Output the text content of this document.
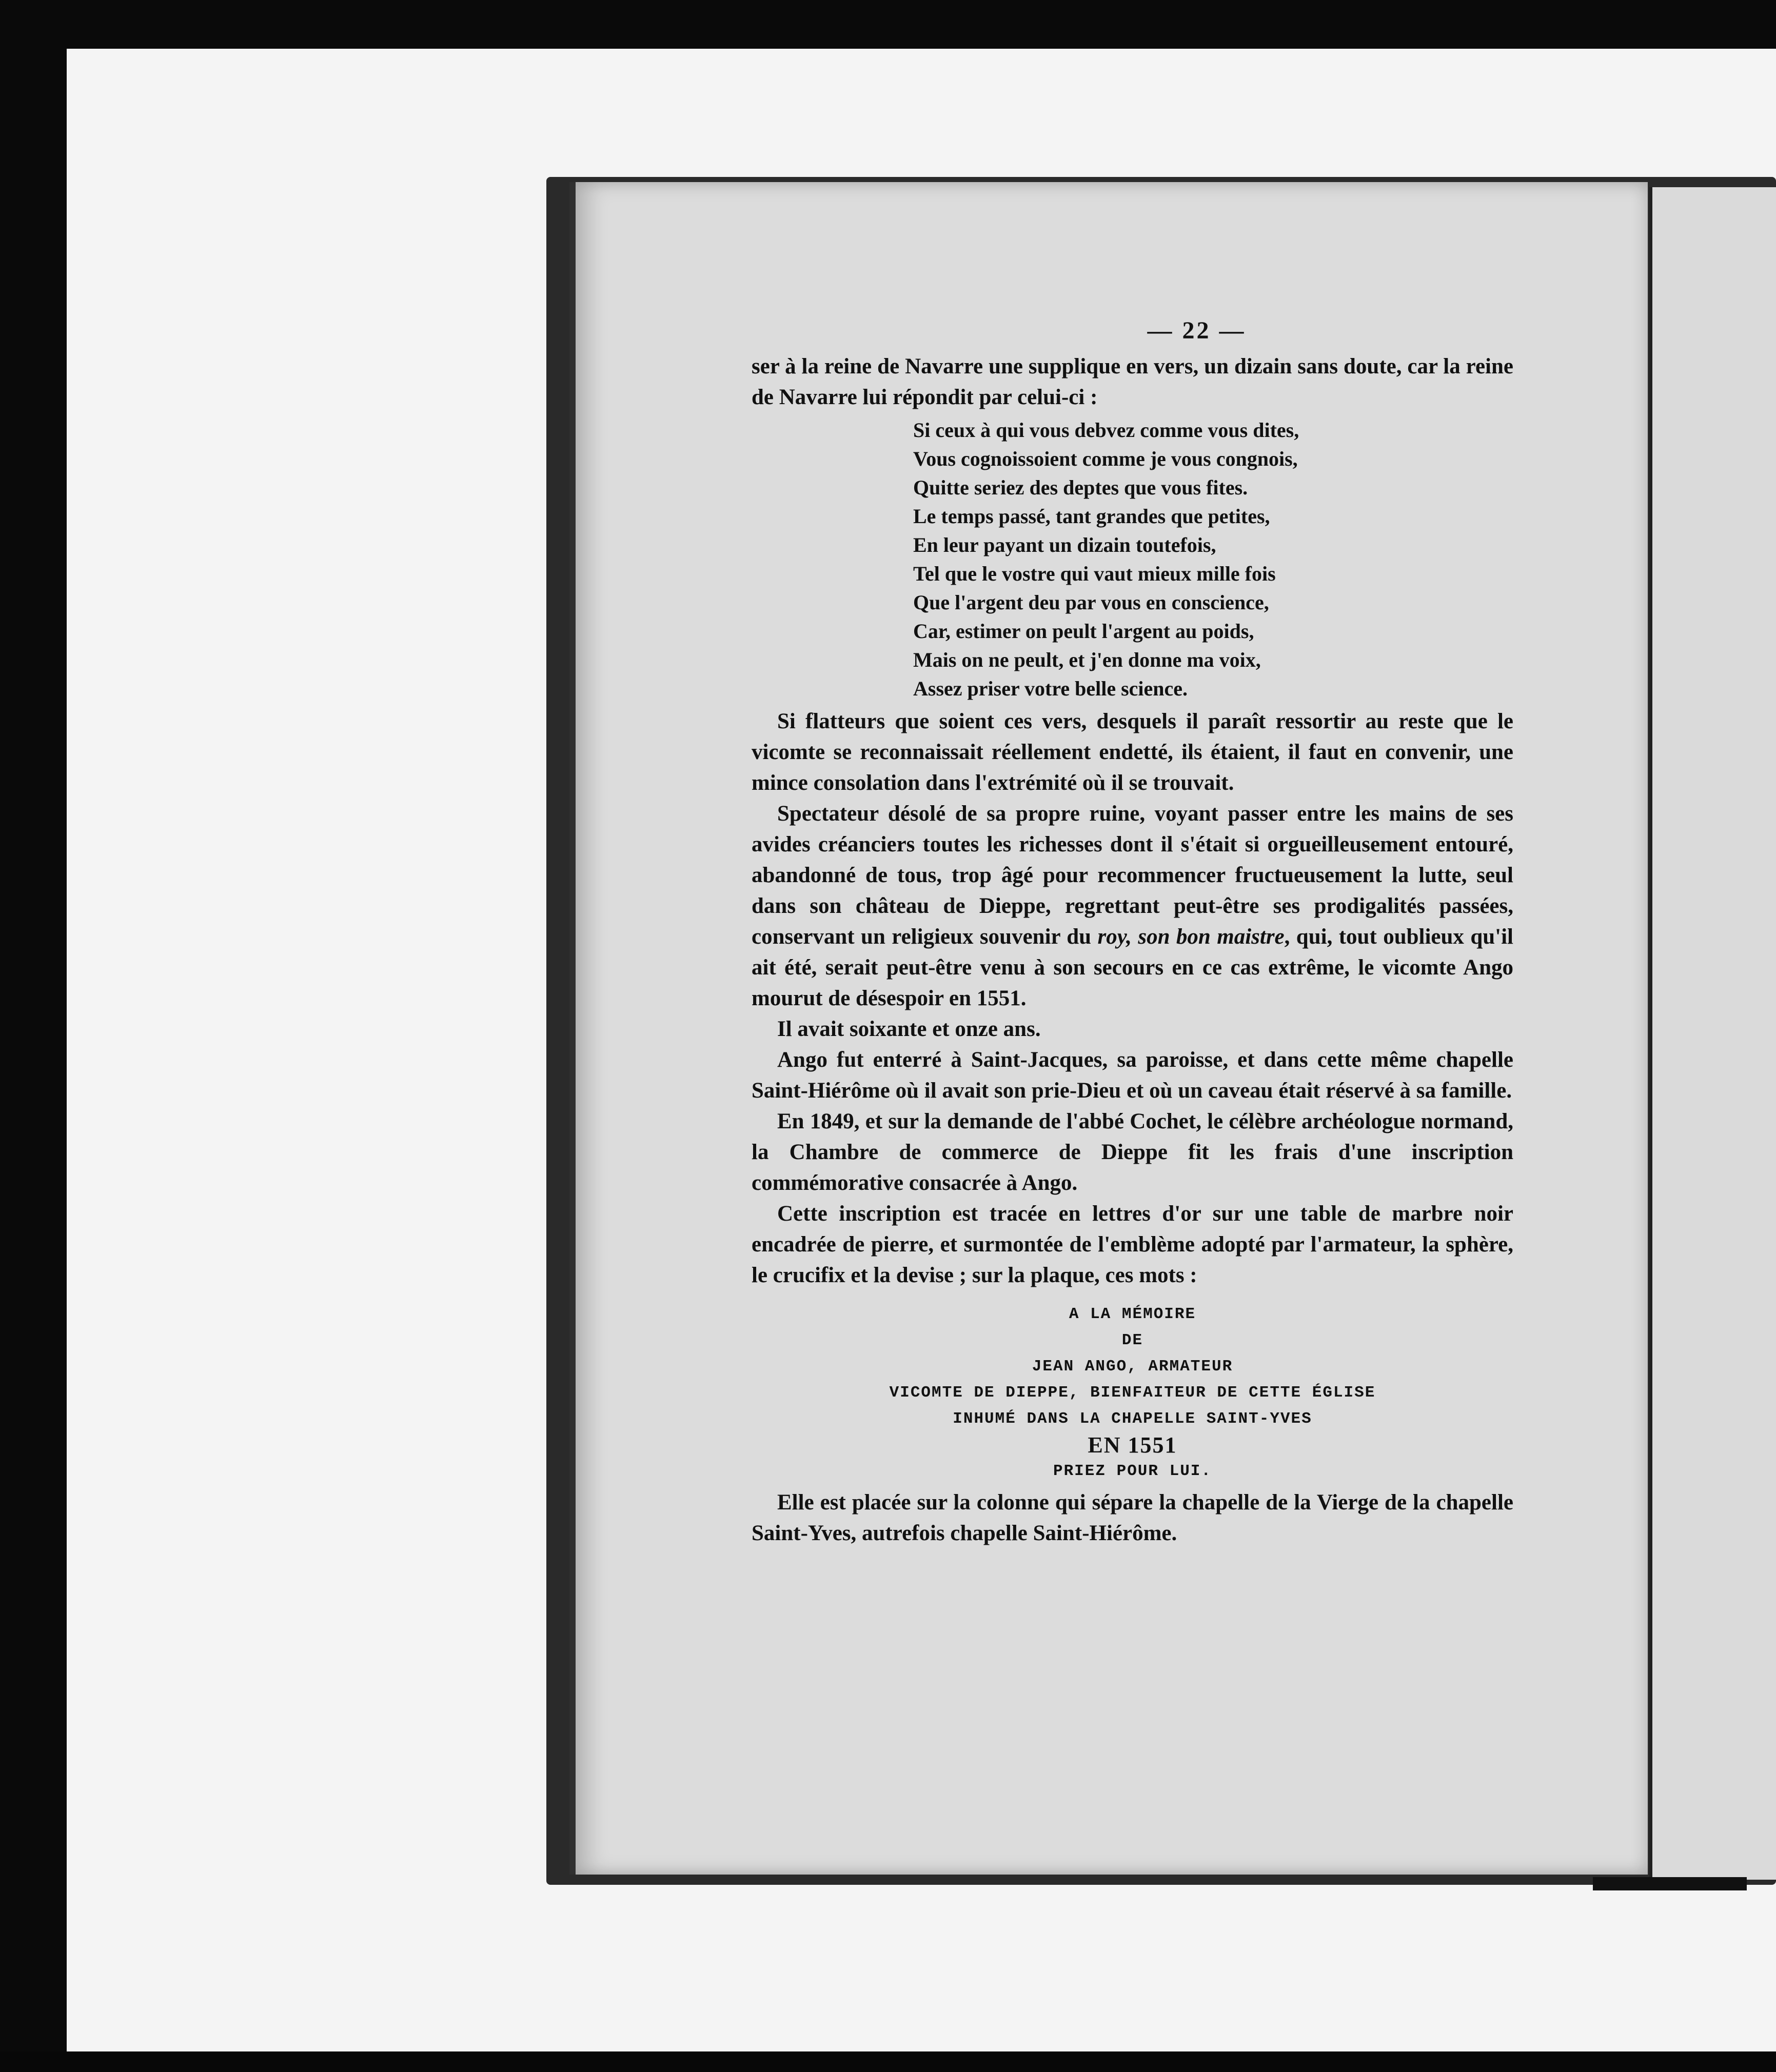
— 22 —

ser à la reine de Navarre une supplique en vers, un dizain sans doute, car la reine de Navarre lui répondit par celui-ci :

Si ceux à qui vous debvez comme vous dites,
Vous cognoissoient comme je vous congnois,
Quitte seriez des deptes que vous fites.
Le temps passé, tant grandes que petites,
En leur payant un dizain toutefois,
Tel que le vostre qui vaut mieux mille fois
Que l'argent deu par vous en conscience,
Car, estimer on peult l'argent au poids,
Mais on ne peult, et j'en donne ma voix,
Assez priser votre belle science.

Si flatteurs que soient ces vers, desquels il paraît ressortir au reste que le vicomte se reconnaissait réellement endetté, ils étaient, il faut en convenir, une mince consolation dans l'extrémité où il se trouvait.

Spectateur désolé de sa propre ruine, voyant passer entre les mains de ses avides créanciers toutes les richesses dont il s'était si orgueilleusement entouré, abandonné de tous, trop âgé pour recommencer fructueusement la lutte, seul dans son château de Dieppe, regrettant peut-être ses prodigalités passées, conservant un religieux souvenir du roy, son bon maistre, qui, tout oublieux qu'il ait été, serait peut-être venu à son secours en ce cas extrême, le vicomte Ango mourut de désespoir en 1551.

Il avait soixante et onze ans.

Ango fut enterré à Saint-Jacques, sa paroisse, et dans cette même chapelle Saint-Hiérôme où il avait son prie-Dieu et où un caveau était réservé à sa famille.

En 1849, et sur la demande de l'abbé Cochet, le célèbre archéologue normand, la Chambre de commerce de Dieppe fit les frais d'une inscription commémorative consacrée à Ango.

Cette inscription est tracée en lettres d'or sur une table de marbre noir encadrée de pierre, et surmontée de l'emblème adopté par l'armateur, la sphère, le crucifix et la devise ; sur la plaque, ces mots :

A LA MÉMOIRE
DE
JEAN ANGO, ARMATEUR
VICOMTE DE DIEPPE, BIENFAITEUR DE CETTE ÉGLISE
INHUMÉ DANS LA CHAPELLE SAINT-YVES
EN 1551
PRIEZ POUR LUI.

Elle est placée sur la colonne qui sépare la chapelle de la Vierge de la chapelle Saint-Yves, autrefois chapelle Saint-Hiérôme.
